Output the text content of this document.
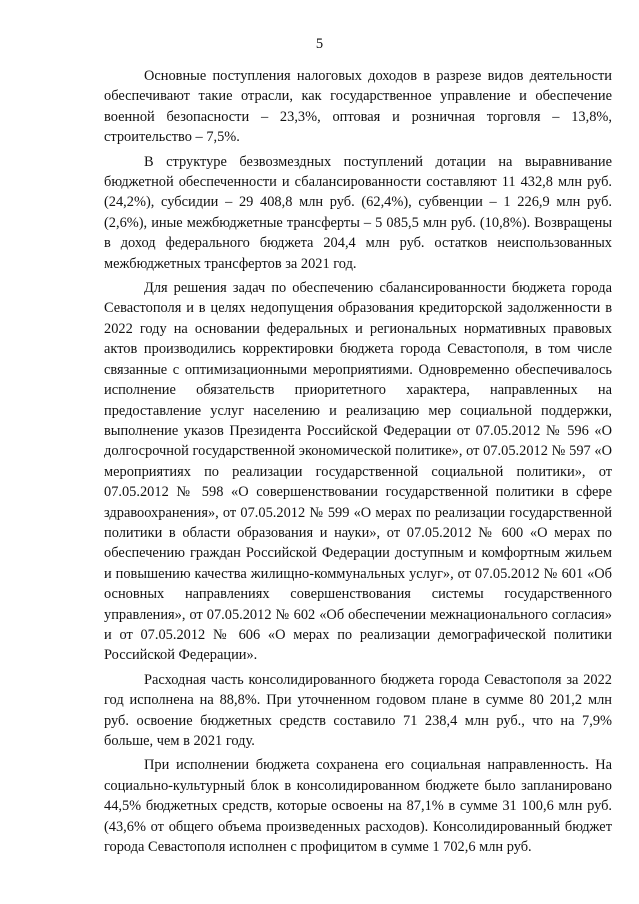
5

Основные поступления налоговых доходов в разрезе видов деятельности обеспечивают такие отрасли, как государственное управление и обеспечение военной безопасности – 23,3%, оптовая и розничная торговля – 13,8%, строительство – 7,5%.

В структуре безвозмездных поступлений дотации на выравнивание бюджетной обеспеченности и сбалансированности составляют 11 432,8 млн руб. (24,2%), субсидии – 29 408,8 млн руб. (62,4%), субвенции – 1 226,9 млн руб. (2,6%), иные межбюджетные трансферты – 5 085,5 млн руб. (10,8%). Возвращены в доход федерального бюджета 204,4 млн руб. остатков неиспользованных межбюджетных трансфертов за 2021 год.

Для решения задач по обеспечению сбалансированности бюджета города Севастополя и в целях недопущения образования кредиторской задолженности в 2022 году на основании федеральных и региональных нормативных правовых актов производились корректировки бюджета города Севастополя, в том числе связанные с оптимизационными мероприятиями. Одновременно обеспечивалось исполнение обязательств приоритетного характера, направленных на предоставление услуг населению и реализацию мер социальной поддержки, выполнение указов Президента Российской Федерации от 07.05.2012 № 596 «О долгосрочной государственной экономической политике», от 07.05.2012 № 597 «О мероприятиях по реализации государственной социальной политики», от 07.05.2012 № 598 «О совершенствовании государственной политики в сфере здравоохранения», от 07.05.2012 № 599 «О мерах по реализации государственной политики в области образования и науки», от 07.05.2012 № 600 «О мерах по обеспечению граждан Российской Федерации доступным и комфортным жильем и повышению качества жилищно-коммунальных услуг», от 07.05.2012 № 601 «Об основных направлениях совершенствования системы государственного управления», от 07.05.2012 № 602 «Об обеспечении межнационального согласия» и от 07.05.2012 № 606 «О мерах по реализации демографической политики Российской Федерации».

Расходная часть консолидированного бюджета города Севастополя за 2022 год исполнена на 88,8%. При уточненном годовом плане в сумме 80 201,2 млн руб. освоение бюджетных средств составило 71 238,4 млн руб., что на 7,9% больше, чем в 2021 году.

При исполнении бюджета сохранена его социальная направленность. На социально-культурный блок в консолидированном бюджете было запланировано 44,5% бюджетных средств, которые освоены на 87,1% в сумме 31 100,6 млн руб. (43,6% от общего объема произведенных расходов). Консолидированный бюджет города Севастополя исполнен с профицитом в сумме 1 702,6 млн руб.
